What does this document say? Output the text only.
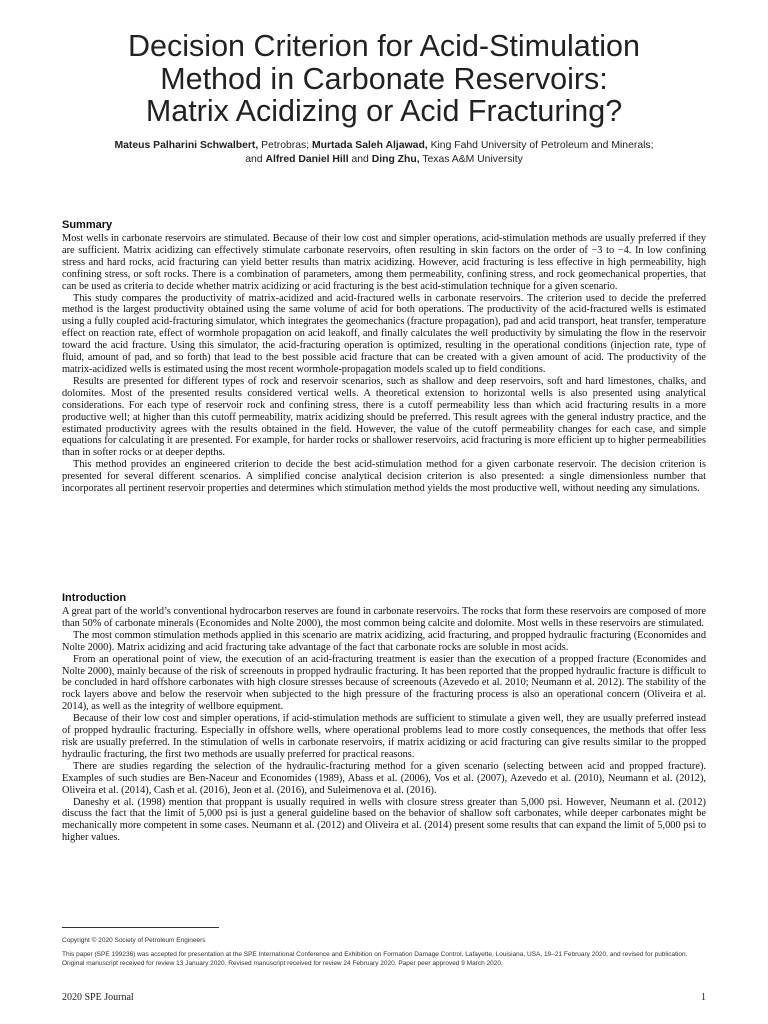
Decision Criterion for Acid-Stimulation
Method in Carbonate Reservoirs:
Matrix Acidizing or Acid Fracturing?
Mateus Palharini Schwalbert, Petrobras; Murtada Saleh Aljawad, King Fahd University of Petroleum and Minerals;
and Alfred Daniel Hill and Ding Zhu, Texas A&M University
Summary

Most wells in carbonate reservoirs are stimulated. Because of their low cost and simpler operations, acid-stimulation methods are usually preferred if they are sufficient. Matrix acidizing can effectively stimulate carbonate reservoirs, often resulting in skin factors on the order of −3 to −4. In low confining stress and hard rocks, acid fracturing can yield better results than matrix acidizing. However, acid fracturing is less effective in high permeability, high confining stress, or soft rocks. There is a combination of parameters, among them permeability, confining stress, and rock geomechanical properties, that can be used as criteria to decide whether matrix acidizing or acid fracturing is the best acid-stimulation technique for a given scenario.

This study compares the productivity of matrix-acidized and acid-fractured wells in carbonate reservoirs. The criterion used to decide the preferred method is the largest productivity obtained using the same volume of acid for both operations. The productivity of the acid-fractured wells is estimated using a fully coupled acid-fracturing simulator, which integrates the geomechanics (fracture propagation), pad and acid transport, heat transfer, temperature effect on reaction rate, effect of wormhole propagation on acid leakoff, and finally calculates the well productivity by simulating the flow in the reservoir toward the acid fracture. Using this simulator, the acid-fracturing operation is optimized, resulting in the operational conditions (injection rate, type of fluid, amount of pad, and so forth) that lead to the best possible acid fracture that can be created with a given amount of acid. The productivity of the matrix-acidized wells is estimated using the most recent wormhole-propagation models scaled up to field conditions.

Results are presented for different types of rock and reservoir scenarios, such as shallow and deep reservoirs, soft and hard limestones, chalks, and dolomites. Most of the presented results considered vertical wells. A theoretical extension to horizontal wells is also presented using analytical considerations. For each type of reservoir rock and confining stress, there is a cutoff permeability less than which acid fracturing results in a more productive well; at higher than this cutoff permeability, matrix acidizing should be preferred. This result agrees with the general industry practice, and the estimated productivity agrees with the results obtained in the field. However, the value of the cutoff permeability changes for each case, and simple equations for calculating it are presented. For example, for harder rocks or shallower reservoirs, acid fracturing is more efficient up to higher permeabilities than in softer rocks or at deeper depths.

This method provides an engineered criterion to decide the best acid-stimulation method for a given carbonate reservoir. The decision criterion is presented for several different scenarios. A simplified concise analytical decision criterion is also presented: a single dimensionless number that incorporates all pertinent reservoir properties and determines which stimulation method yields the most productive well, without needing any simulations.

Introduction

A great part of the world’s conventional hydrocarbon reserves are found in carbonate reservoirs. The rocks that form these reservoirs are composed of more than 50% of carbonate minerals (Economides and Nolte 2000), the most common being calcite and dolomite. Most wells in these reservoirs are stimulated.

The most common stimulation methods applied in this scenario are matrix acidizing, acid fracturing, and propped hydraulic fracturing (Economides and Nolte 2000). Matrix acidizing and acid fracturing take advantage of the fact that carbonate rocks are soluble in most acids.

From an operational point of view, the execution of an acid-fracturing treatment is easier than the execution of a propped fracture (Economides and Nolte 2000), mainly because of the risk of screenouts in propped hydraulic fracturing. It has been reported that the propped hydraulic fracture is difficult to be concluded in hard offshore carbonates with high closure stresses because of screenouts (Azevedo et al. 2010; Neumann et al. 2012). The stability of the rock layers above and below the reservoir when subjected to the high pressure of the fracturing process is also an operational concern (Oliveira et al. 2014), as well as the integrity of wellbore equipment.

Because of their low cost and simpler operations, if acid-stimulation methods are sufficient to stimulate a given well, they are usually preferred instead of propped hydraulic fracturing. Especially in offshore wells, where operational problems lead to more costly consequences, the methods that offer less risk are usually preferred. In the stimulation of wells in carbonate reservoirs, if matrix acidizing or acid fracturing can give results similar to the propped hydraulic fracturing, the first two methods are usually preferred for practical reasons.

There are studies regarding the selection of the hydraulic-fracturing method for a given scenario (selecting between acid and propped fracture). Examples of such studies are Ben-Naceur and Economides (1989), Abass et al. (2006), Vos et al. (2007), Azevedo et al. (2010), Neumann et al. (2012), Oliveira et al. (2014), Cash et al. (2016), Jeon et al. (2016), and Suleimenova et al. (2016).

Daneshy et al. (1998) mention that proppant is usually required in wells with closure stress greater than 5,000 psi. However, Neumann et al. (2012) discuss the fact that the limit of 5,000 psi is just a general guideline based on the behavior of shallow soft carbonates, while deeper carbonates might be mechanically more competent in some cases. Neumann et al. (2012) and Oliveira et al. (2014) present some results that can expand the limit of 5,000 psi to higher values.

Copyright © 2020 Society of Petroleum Engineers

This paper (SPE 199236) was accepted for presentation at the SPE International Conference and Exhibition on Formation Damage Control, Lafayette, Louisiana, USA, 19–21 February 2020, and revised for publication. Original manuscript received for review 13 January 2020. Revised manuscript received for review 24 February 2020. Paper peer approved 9 March 2020.

2020 SPE Journal	1
